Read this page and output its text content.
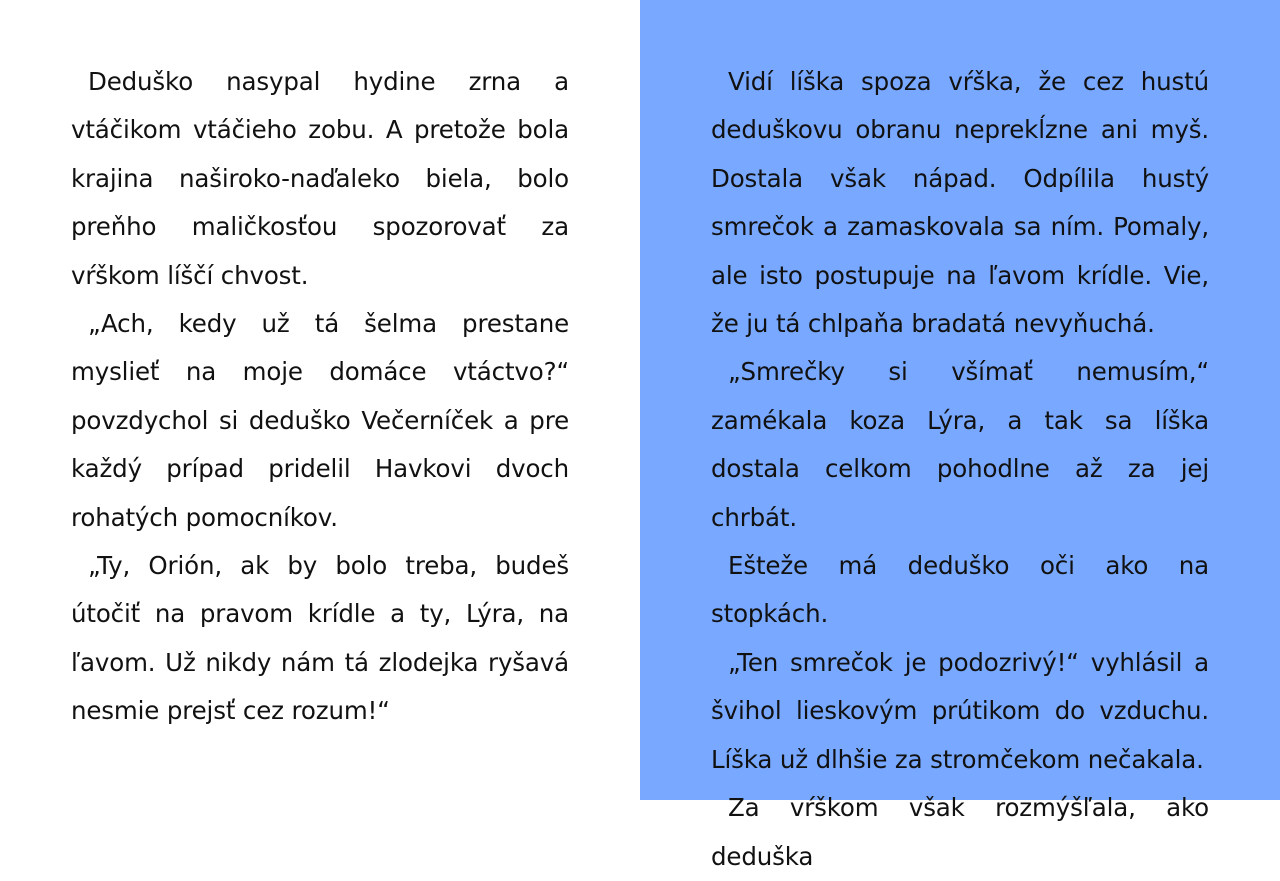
Deduško nasypal hydine zrna a vtáčikom vtáčieho zobu. A pretože bola krajina naširoko-naďaleko biela, bolo preňho maličkosťou spozorovať za vŕškom líščí chvost.

„Ach, kedy už tá šelma prestane myslieť na moje domáce vtáctvo?“ povzdychol si deduško Večerníček a pre každý prípad pridelil Havkovi dvoch rohatých pomocníkov.

„Ty, Orión, ak by bolo treba, budeš útočiť na pravom krídle a ty, Lýra, na ľavom. Už nikdy nám tá zlodejka ryšavá nesmie prejsť cez rozum!“

Vidí líška spoza vŕška, že cez hustú deduškovu obranu neprekĺzne ani myš. Dostala však nápad. Odpílila hustý smrečok a zamaskovala sa ním. Pomaly, ale isto postupuje na ľavom krídle. Vie, že ju tá chlpaňa bradatá nevyňuchá.

„Smrečky si všímať nemusím,“ zamékala koza Lýra, a tak sa líška dostala celkom pohodlne až za jej chrbát.

Ešteže má deduško oči ako na stopkách.

„Ten smrečok je podozrivý!“ vyhlásil a švihol lieskovým prútikom do vzduchu. Líška už dlhšie za stromčekom nečakala.

Za vŕškom však rozmýšľala, ako deduška
